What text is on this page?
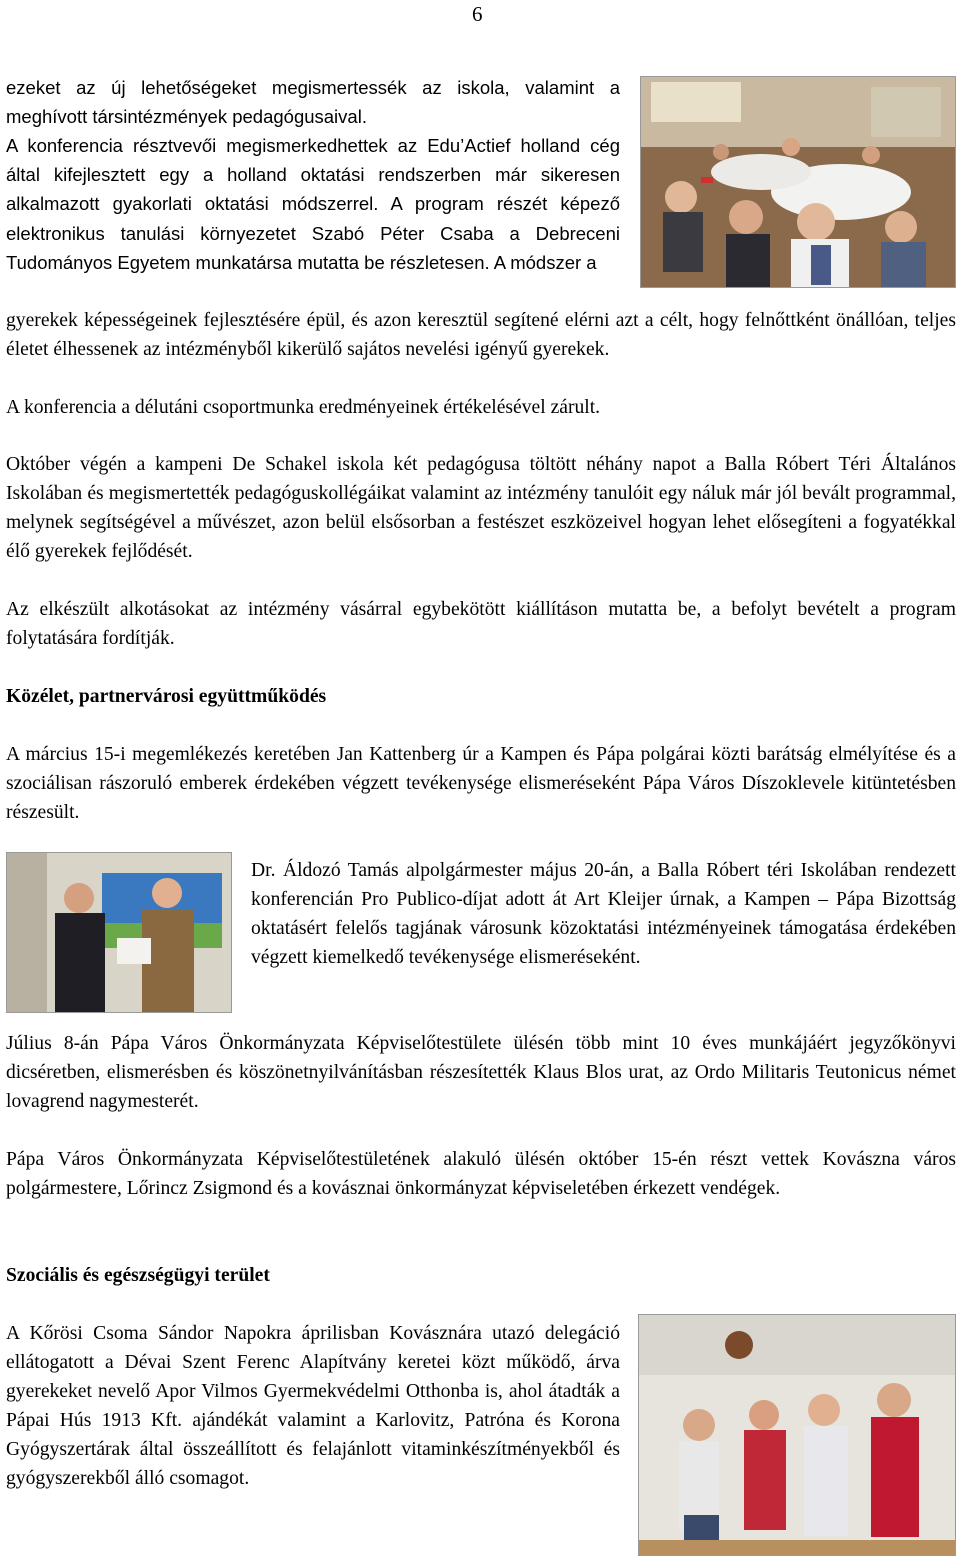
6

ezeket az új lehetőségeket megismertessék az iskola, valamint a meghívott társintézmények pedagógusaival.

A konferencia résztvevői megismerkedhettek az Edu’Actief holland cég által kifejlesztett egy a holland oktatási rendszerben már sikeresen alkalmazott gyakorlati oktatási módszerrel. A program részét képező elektronikus tanulási környezetet Szabó Péter Csaba a Debreceni Tudományos Egyetem munkatársa mutatta be részletesen. A módszer a

gyerekek képességeinek fejlesztésére épül, és azon keresztül segítené elérni azt a célt, hogy felnőttként önállóan, teljes életet élhessenek az intézményből kikerülő sajátos nevelési igényű gyerekek.

A konferencia a délutáni csoportmunka eredményeinek értékelésével zárult.

Október végén a kampeni De Schakel iskola két pedagógusa töltött néhány napot a Balla Róbert Téri Általános Iskolában és megismertették pedagóguskollégáikat valamint az intézmény tanulóit egy náluk már jól bevált programmal, melynek segítségével a művészet, azon belül elsősorban a festészet eszközeivel hogyan lehet elősegíteni a fogyatékkal élő gyerekek fejlődését.

Az elkészült alkotásokat az intézmény vásárral egybekötött kiállításon mutatta be, a befolyt bevételt a program folytatására fordítják.

Közélet, partnervárosi együttműködés

A március 15-i megemlékezés keretében Jan Kattenberg úr a Kampen és Pápa polgárai közti barátság elmélyítése és a szociálisan rászoruló emberek érdekében végzett tevékenysége elismeréseként Pápa Város Díszoklevele kitüntetésben részesült.

Dr. Áldozó Tamás alpolgármester május 20-án, a Balla Róbert téri Iskolában rendezett konferencián Pro Publico-díjat adott át Art Kleijer úrnak, a Kampen – Pápa Bizottság oktatásért felelős tagjának városunk közoktatási intézményeinek támogatása érdekében végzett kiemelkedő tevékenysége elismeréseként.

Július 8-án Pápa Város Önkormányzata Képviselőtestülete ülésén több mint 10 éves munkájáért jegyzőkönyvi dicséretben, elismerésben és köszönetnyilvánításban részesítették Klaus Blos urat, az Ordo Militaris Teutonicus német lovagrend nagymesterét.

Pápa Város Önkormányzata Képviselőtestületének alakuló ülésén október 15-én részt vettek Kovászna város polgármestere, Lőrincz Zsigmond és a kovásznai önkormányzat képviseletében érkezett vendégek.

Szociális és egészségügyi terület

A Kőrösi Csoma Sándor Napokra áprilisban Kovásznára utazó delegáció ellátogatott a Dévai Szent Ferenc Alapítvány keretei közt működő, árva gyerekeket nevelő Apor Vilmos Gyermekvédelmi Otthonba is, ahol átadták a Pápai Hús 1913 Kft. ajándékát valamint a Karlovitz, Patróna és Korona Gyógyszertárak által összeállított és felajánlott vitaminkészítményekből és gyógyszerekből álló csomagot.
